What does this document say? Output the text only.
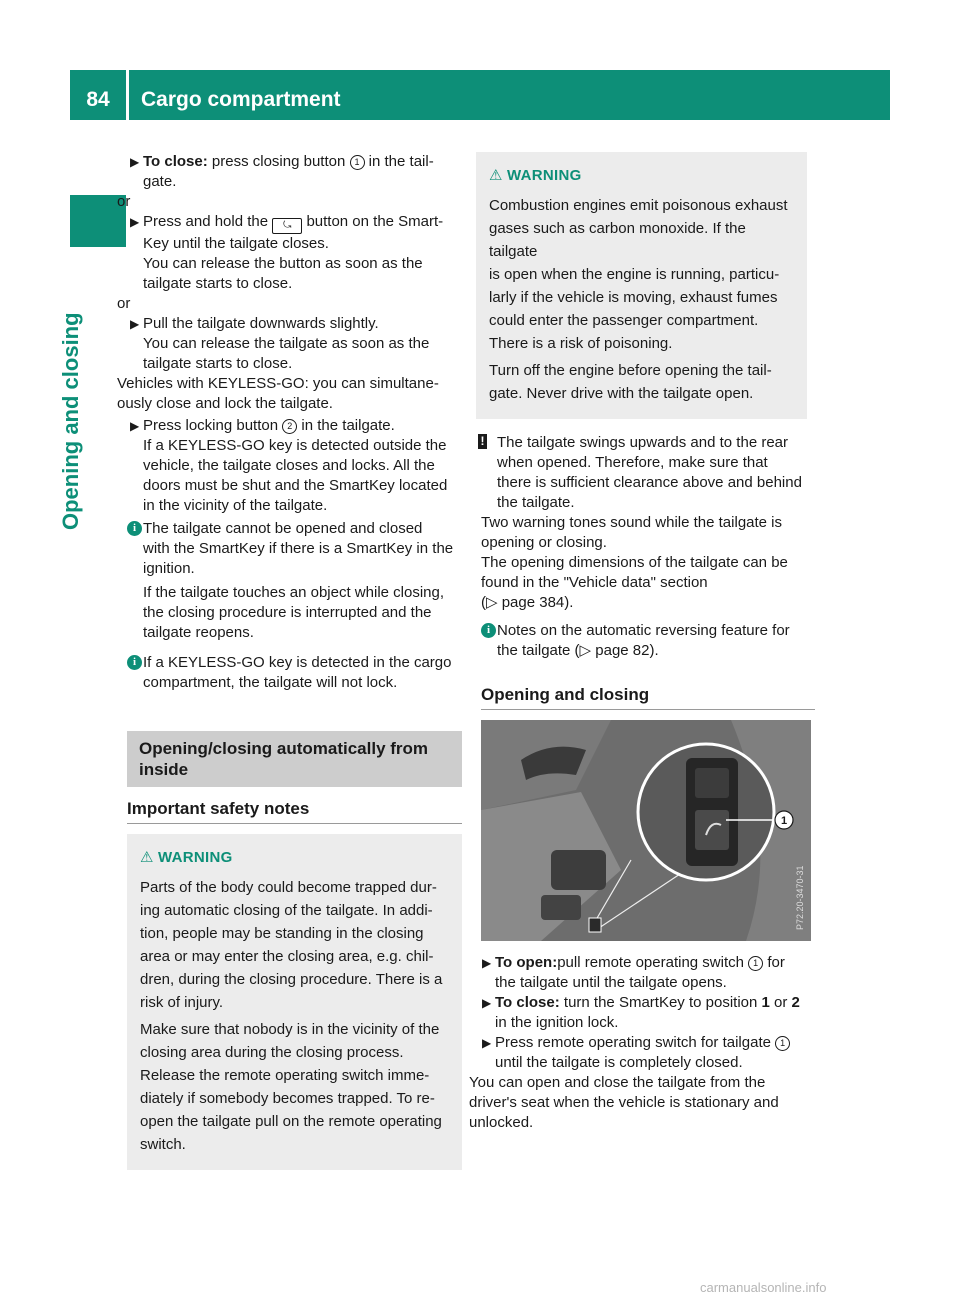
84	Cargo compartment
Opening and closing
▶ To close: press closing button 1 in the tail-

gate.

or

▶ Press and hold the ⤿ button on the Smart-

Key until the tailgate closes.

You can release the button as soon as the

tailgate starts to close.

or

▶ Pull the tailgate downwards slightly.

You can release the tailgate as soon as the

tailgate starts to close.

Vehicles with KEYLESS-GO: you can simultane-

ously close and lock the tailgate.

▶ Press locking button 2 in the tailgate.

If a KEYLESS-GO key is detected outside the

vehicle, the tailgate closes and locks. All the

doors must be shut and the SmartKey located

in the vicinity of the tailgate.

i The tailgate cannot be opened and closed

with the SmartKey if there is a SmartKey in the

ignition.

If the tailgate touches an object while closing,

the closing procedure is interrupted and the

tailgate reopens.

i If a KEYLESS-GO key is detected in the cargo

compartment, the tailgate will not lock.

Opening/closing automatically from

inside

Important safety notes
⚠ WARNING

Parts of the body could become trapped dur-

ing automatic closing of the tailgate. In addi-

tion, people may be standing in the closing

area or may enter the closing area, e.g. chil-

dren, during the closing procedure. There is a

risk of injury.

Make sure that nobody is in the vicinity of the

closing area during the closing process.

Release the remote operating switch imme-

diately if somebody becomes trapped. To re-

open the tailgate pull on the remote operating

switch.

⚠ WARNING

Combustion engines emit poisonous exhaust

gases such as carbon monoxide. If the tailgate

is open when the engine is running, particu-

larly if the vehicle is moving, exhaust fumes

could enter the passenger compartment.

There is a risk of poisoning.

Turn off the engine before opening the tail-

gate. Never drive with the tailgate open.

! The tailgate swings upwards and to the rear

when opened. Therefore, make sure that

there is sufficient clearance above and behind

the tailgate.

Two warning tones sound while the tailgate is

opening or closing.

The opening dimensions of the tailgate can be

found in the "Vehicle data" section

(▷ page 384).

i Notes on the automatic reversing feature for

the tailgate (▷ page 82).

Opening and closing
1
P72.20-3470-31
▶ To open:pull remote operating switch 1 for

the tailgate until the tailgate opens.

▶ To close: turn the SmartKey to position 1 or 2

in the ignition lock.

▶ Press remote operating switch for tailgate 1

until the tailgate is completely closed.

You can open and close the tailgate from the

driver's seat when the vehicle is stationary and

unlocked.

carmanualsonline.info
